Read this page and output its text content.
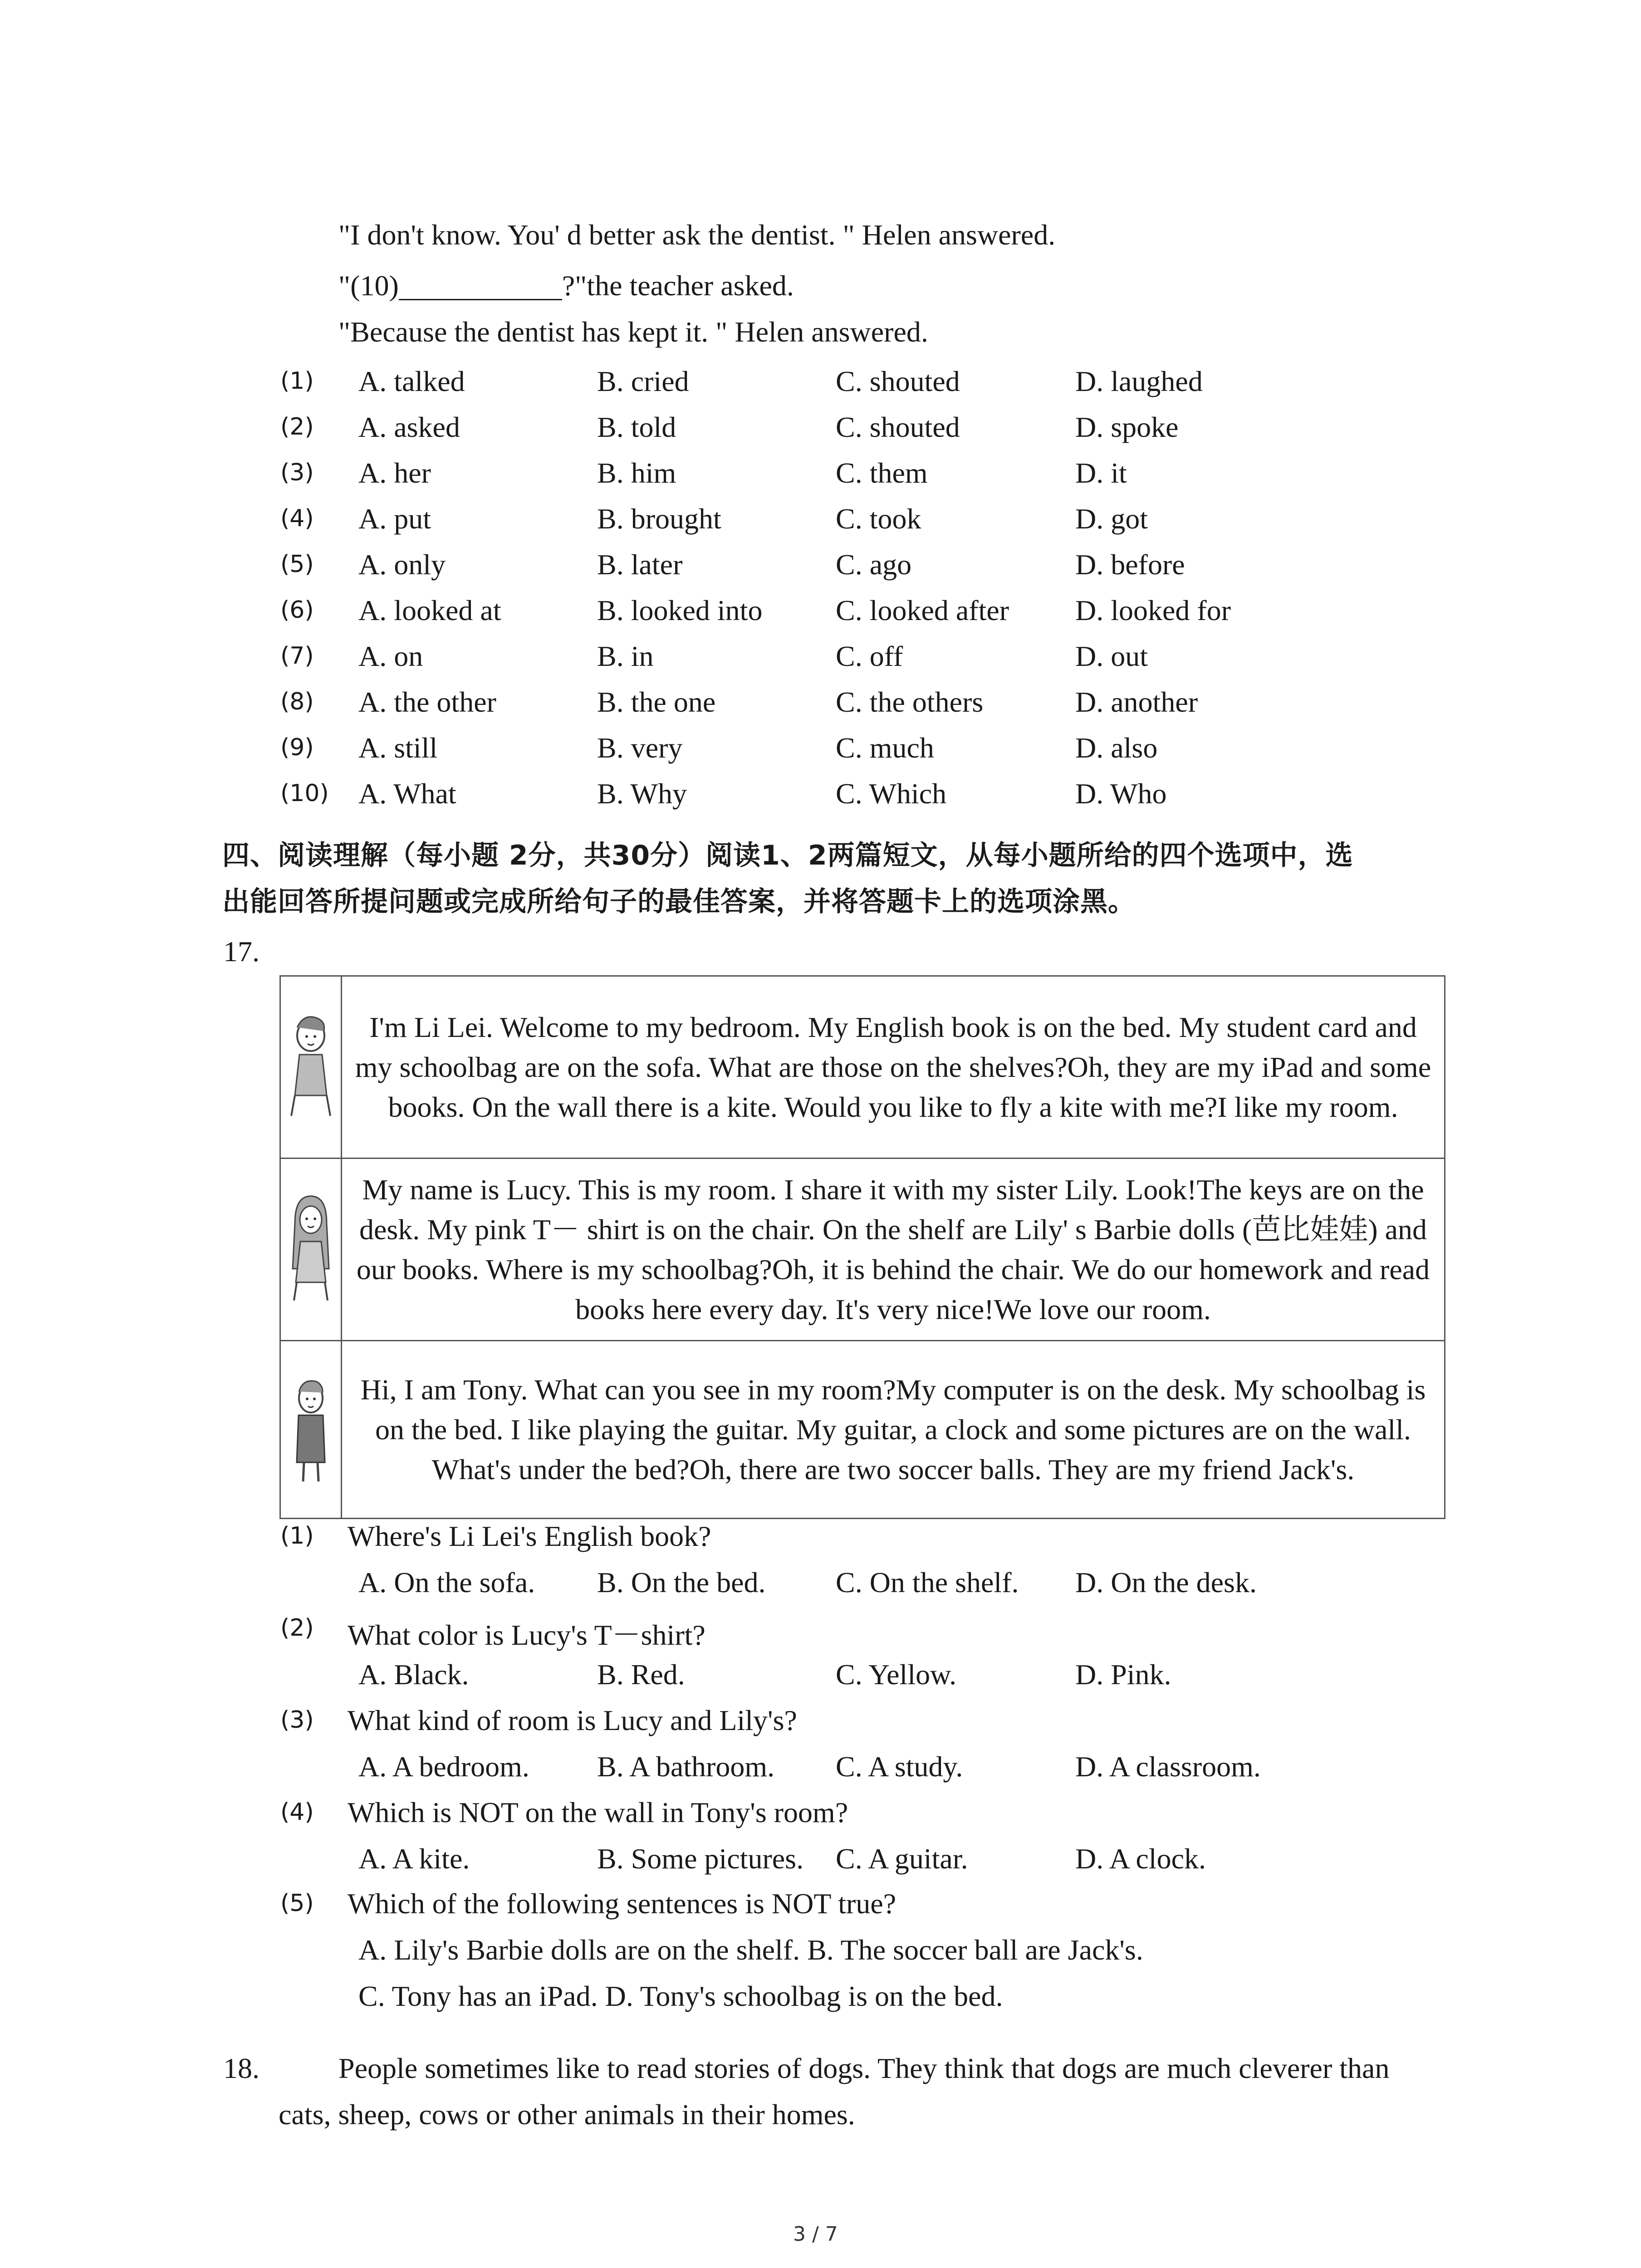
"I don't know. You' d better ask the dentist. " Helen answered.
"(10)	?"the teacher asked.
"Because the dentist has kept it. " Helen answered.
(1) A. talked	B. cried	C. shouted	D. laughed
(2) A. asked	B. told	C. shouted	D. spoke
(3) A. her	B. him	C. them	D. it
(4) A. put	B. brought	C. took	D. got
(5) A. only	B. later	C. ago	D. before
(6) A. looked at	B. looked into	C. looked after D. looked for
(7) A. on	B. in	C. off	D. out
(8) A. the other	B. the one	C. the others	D. another
(9) A. still	B. very	C. much	D. also
(10) A. What	B. Why	C. Which	D. Who
四、阅读理解（每小题 2分，共30分）阅读1、2两篇短文，从每小题所给的四个选项中，选
出能回答所提问题或完成所给句子的最佳答案，并将答题卡上的选项涂黑。
17.
	I'm Li Lei. Welcome to my bedroom. My English book is on the bed. My student card and my schoolbag are on the sofa. What are those on the shelves?Oh, they are my iPad and some books. On the wall there is a kite. Would you like to fly a kite with me?I like my room.
	My name is Lucy. This is my room. I share it with my sister Lily. Look!The keys are on the desk. My pink T－ shirt is on the chair. On the shelf are Lily' s Barbie dolls (芭比娃娃) and our books. Where is my schoolbag?Oh, it is behind the chair. We do our homework and read books here every day. It's very nice!We love our room.
	Hi, I am Tony. What can you see in my room?My computer is on the desk. My schoolbag is on the bed. I like playing the guitar. My guitar, a clock and some pictures are on the wall. What's under the bed?Oh, there are two soccer balls. They are my friend Jack's.
(1) Where's Li Lei's English book?
A. On the sofa. B. On the bed. C. On the shelf. D. On the desk.
(2) What color is Lucy's T－shirt?
A. Black.	B. Red.	C. Yellow.	D. Pink.
(3) What kind of room is Lucy and Lily's?
A. A bedroom. B. A bathroom. C. A study.	D. A classroom.
(4) Which is NOT on the wall in Tony's room?
A. A kite.	B. Some pictures. C. A guitar.	D. A clock.
(5) Which of the following sentences is NOT true?
A. Lily's Barbie dolls are on the shelf. B. The soccer ball are Jack's.
C. Tony has an iPad. D. Tony's schoolbag is on the bed.
18.	People sometimes like to read stories of dogs. They think that dogs are much cleverer than
cats, sheep, cows or other animals in their homes.
3 / 7
